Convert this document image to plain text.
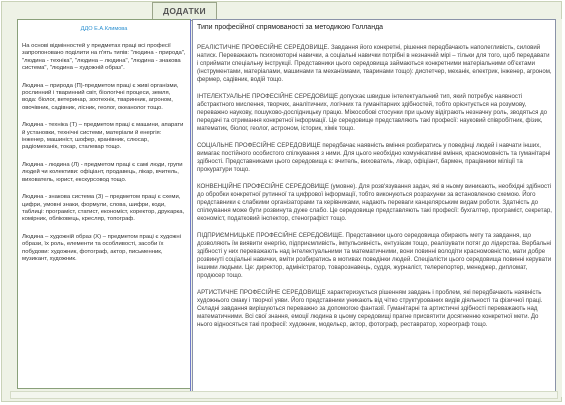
ДОДАТКИ
ДДО Е.А.Климова

На основі відмінностей у предметах праці всі професії запропоновано поділити на п'ять типів: "людина - природа", "людина - техніка", "людина – людина", "людина - знакова система", "людина – художній образ".

Людина – природа (П)-предметом праці є живі організми, рослинний і тваринний світ, біологічні процеси, земля, вода: біолог, ветеринар, зоотехнік, тваринник, агроном, овочівник, садівник, лісник, геолог, океанолог тощо.

Людина - техніка (Т) – предметом праці є машини, апарати й установки, технічні системи, матеріали й енергія: інженер, машиніст, шофер, кранівник, слюсар, радіомеханік, токар, сталевар тощо.

Людина - людина (Л) - предметом праці є самі люди, групи людей чи колективи: офіціант, продавець, лікар, вчитель, вихователь, юрист, екскурсовод тощо.

Людина - знакова система (З) – предметом праці є схеми, цифри, умовні знаки, формули, слова, шифри, коди, таблиці: програміст, статист, економіст, коректор, друкарка, комірник, обліковець, кресляр, топограф.

Людина – художній образ (Х) – предметом праці є художні образи, їх роль, елементи та особливості, засоби їх побудови: художник, фотограф, актор, письменник, музикант, художник.

Типи професійної спрямованості за методикою Голланда

РЕАЛІСТИЧНЕ ПРОФЕСІЙНЕ СЕРЕДОВИЩЕ. Завдання його конкретні, рішення передбачають наполегливість, силовий натиск. Переважають психомоторні навички, а соціальні навички потрібні в незначній мірі – тільки для того, щоб передавати і сприймати спеціальну інструкції. Представники цього середовища займаються конкретними матеріальними об'єктами (інструментами, матеріалами, машинами та механізмами, тваринами тощо): диспетчер, механік, електрик, інженер, агроном, фермер, садівник, водій тощо.

ІНТЕЛЕКТУАЛЬНЕ ПРОФЕСІЙНЕ СЕРЕДОВИЩЕ допускає швидше інтелектуальний тип, який потребує наявності абстрактного мислення, творчих, аналітичних, логічних та гуманітарних здібностей, тобто орієнтується на розумову, переважно наукову, пошуково-дослідницьку працю. Міжособові стосунки при цьому відіграють незначну роль, зводяться до передачі та отримання конкретної інформації. Це середовище представляють такі професії: науковий співробітник, фізик, математик, біолог, геолог, астроном, історик, хімік тощо.

СОЦІАЛЬНЕ ПРОФЕСІЙНЕ СЕРЕДОВИЩЕ передбачає наявність вміння розбиратись у поведінці людей і навчати інших, вимагає постійного особистого спілкування з ними. Для цього необхідно комунікативні вміння, красномовність та гуманітарні здібності. Представниками цього середовища є: вчитель, вихователь, лікар, офіціант, бармен, працівники міліції та прокуратури тощо.

КОНВЕНЦІЙНЕ ПРОФЕСІЙНЕ СЕРЕДОВИЩЕ (умовне). Для розв'язування задач, які в ньому виникають, необхідні здібності до обробки конкретної рутинної та цифрової інформації, тобто виконуються розрахунки за встановленою схемою. Його представники є слабкими організаторами та керівниками, надають переваги канцелярським видам роботи. Здатність до спілкування може бути розвинута дуже слабо. Це середовище представляють такі професії: бухгалтер, програміст, секретар, економіст, податковий інспектор, стенографіст тощо.

ПІДПРИЄМНИЦЬКЕ ПРОФЕСІЙНЕ СЕРЕДОВИЩЕ. Представники цього середовища обирають мету та завдання, що дозволяють їм виявити енергію, підприємливість, імпульсивність, ентузіазм тощо, реалізувати потяг до лідерства. Вербальні здібності у них переважають над інтелектуальними та математичними, вони повинні володіти красномовністю, мати добре розвинуті соціальні навички, вміти розбиратись в мотивах поведінки людей. Спеціалісти цього середовища повинні керувати іншими людьми. Це: директор, адміністратор, товарознавець, суддя, журналіст, телерепортер, менеджер, дипломат, продюсер тощо.

АРТИСТИЧНЕ ПРОФЕСІЙНЕ СЕРЕДОВИЩЕ характеризується рішенням завдань і проблем, які передбачають наявність художнього смаку і творчої уяви. Його представники уникають від чітко структурованих видів діяльності та фізичної праці. Складні завдання вирішуються переважно за допомогою фантазії. Гуманітарні та артистичні здібності переважають над математичними. Всі свої знання, емоції людина в цьому середовищі прагне присвятити досягненню конкретної мети. До нього відносяться такі професії: художник, модельєр, актор, фотограф, реставратор, хореограф тощо.
